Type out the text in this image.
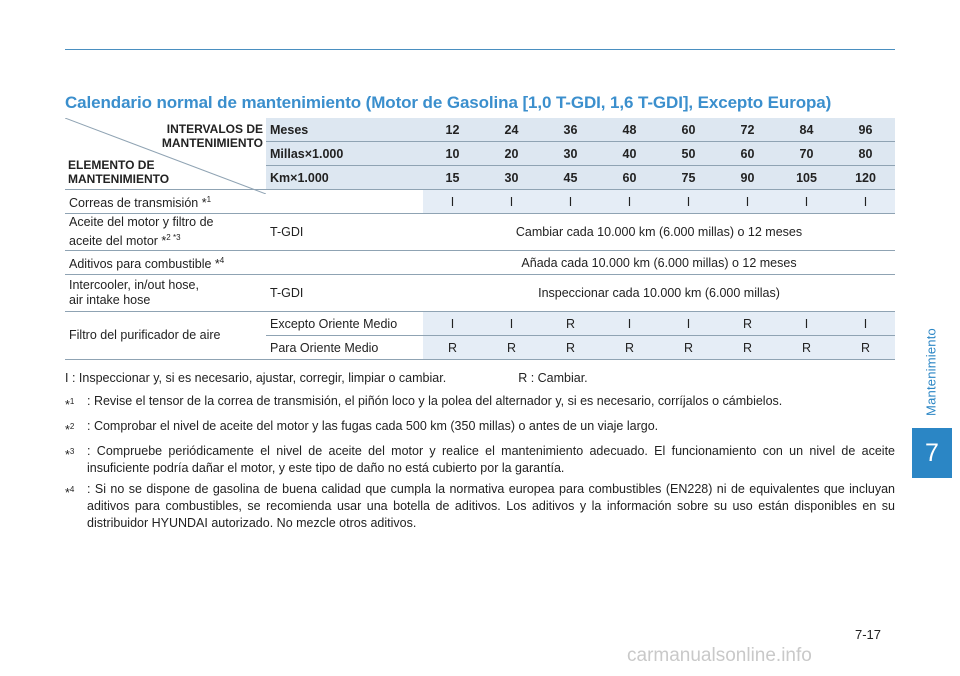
Mantenimiento
7
Calendario normal de mantenimiento (Motor de Gasolina [1,0 T-GDI, 1,6 T-GDI], Excepto Europa)
INTERVALOS DE MANTENIMIENTO
ELEMENTO DE MANTENIMIENTO	Meses	12	24	36	48	60	72	84	96
	Millas×1.000	10	20	30	40	50	60	70	80
	Km×1.000	15	30	45	60	75	90	105	120
Correas de transmisión *$^1$		I	I	I	I	I	I	I	I
Aceite del motor y filtro de
aceite del motor *$^{2 *3}$	T-GDI	Cambiar cada 10.000 km (6.000 millas) o 12 meses							
Aditivos para combustible *$^4$		Añada cada 10.000 km (6.000 millas) o 12 meses							
Intercooler, in/out hose,
air intake hose	T-GDI	Inspeccionar cada 10.000 km (6.000 millas)							
Filtro del purificador de aire	Excepto Oriente Medio	I	I	R	I	I	R	I	I
	Para Oriente Medio	R	R	R	R	R	R	R	R
I : Inspeccionar y, si es necesario, ajustar, corregir, limpiar o cambiar.	R : Cambiar.
*$^1$	: Revise el tensor de la correa de transmisión, el piñón loco y la polea del alternador y, si es necesario, corríjalos o cámbielos.
*$^2$	: Comprobar el nivel de aceite del motor y las fugas cada 500 km (350 millas) o antes de un viaje largo.
*$^3$	: Compruebe periódicamente el nivel de aceite del motor y realice el mantenimiento adecuado. El funcionamiento con un nivel de aceite insuficiente podría dañar el motor, y este tipo de daño no está cubierto por la garantía.
*$^4$	: Si no se dispone de gasolina de buena calidad que cumpla la normativa europea para combustibles (EN228) ni de equivalentes que incluyan aditivos para combustibles, se recomienda usar una botella de aditivos. Los aditivos y la información sobre su uso están disponibles en su distribuidor HYUNDAI autorizado. No mezcle otros aditivos.
7-17
carmanualsonline.info
